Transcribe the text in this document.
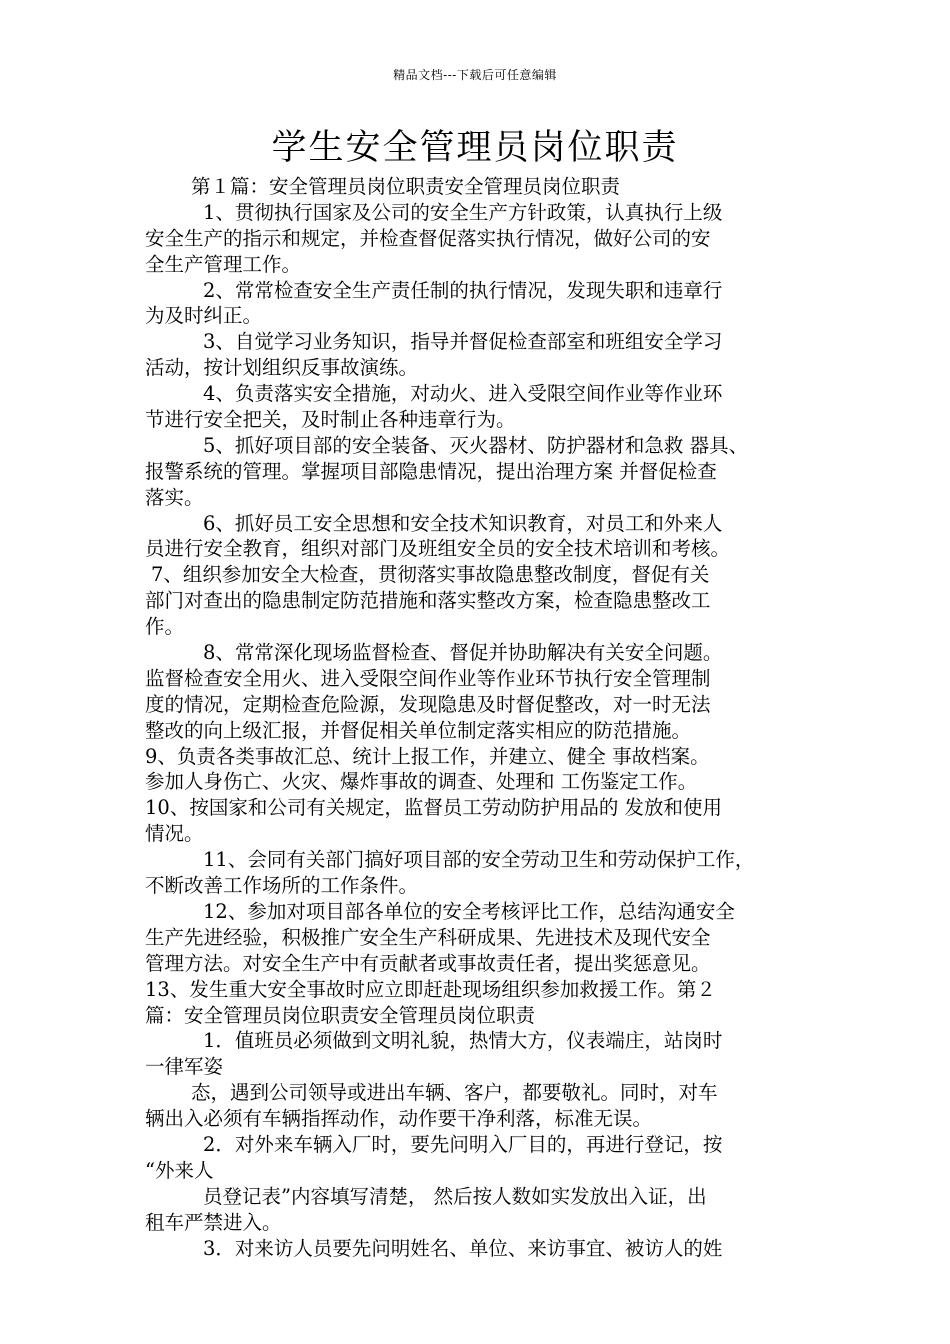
精品文档---下载后可任意编辑
学生安全管理员岗位职责
第１篇：安全管理员岗位职责安全管理员岗位职责
1、贯彻执行国家及公司的安全生产方针政策，认真执行上级
安全生产的指示和规定，并检查督促落实执行情况，做好公司的安
全生产管理工作。
2、常常检查安全生产责任制的执行情况，发现失职和违章行
为及时纠正。
3、自觉学习业务知识，指导并督促检查部室和班组安全学习
活动，按计划组织反事故演练。
4、负责落实安全措施，对动火、进入受限空间作业等作业环
节进行安全把关，及时制止各种违章行为。
5、抓好项目部的安全装备、灭火器材、防护器材和急救 器具、
报警系统的管理。掌握项目部隐患情况，提出治理方案 并督促检查
落实。
6、抓好员工安全思想和安全技术知识教育，对员工和外来人
员进行安全教育，组织对部门及班组安全员的安全技术培训和考核。
7、组织参加安全大检查，贯彻落实事故隐患整改制度，督促有关
部门对查出的隐患制定防范措施和落实整改方案，检查隐患整改工
作。
8、常常深化现场监督检查、督促并协助解决有关安全问题。
监督检查安全用火、进入受限空间作业等作业环节执行安全管理制
度的情况，定期检查危险源，发现隐患及时督促整改，对一时无法
整改的向上级汇报，并督促相关单位制定落实相应的防范措施。
9、负责各类事故汇总、统计上报工作，并建立、健全 事故档案。
参加人身伤亡、火灾、爆炸事故的调查、处理和 工伤鉴定工作。
10、按国家和公司有关规定，监督员工劳动防护用品的 发放和使用
情况。
11、会同有关部门搞好项目部的安全劳动卫生和劳动保护工作，
不断改善工作场所的工作条件。
12、参加对项目部各单位的安全考核评比工作，总结沟通安全
生产先进经验，积极推广安全生产科研成果、先进技术及现代安全
管理方法。对安全生产中有贡献者或事故责任者，提出奖惩意见。
13、发生重大安全事故时应立即赶赴现场组织参加救援工作。第２
篇：安全管理员岗位职责安全管理员岗位职责
1．值班员必须做到文明礼貌，热情大方，仪表端庄，站岗时
一律军姿
态，遇到公司领导或进出车辆、客户，都要敬礼。同时，对车
辆出入必须有车辆指挥动作，动作要干净利落，标准无误。
2．对外来车辆入厂时，要先问明入厂目的，再进行登记，按
“外来人
员登记表”内容填写清楚， 然后按人数如实发放出入证，出
租车严禁进入。
3．对来访人员要先问明姓名、单位、来访事宜、被访人的姓
